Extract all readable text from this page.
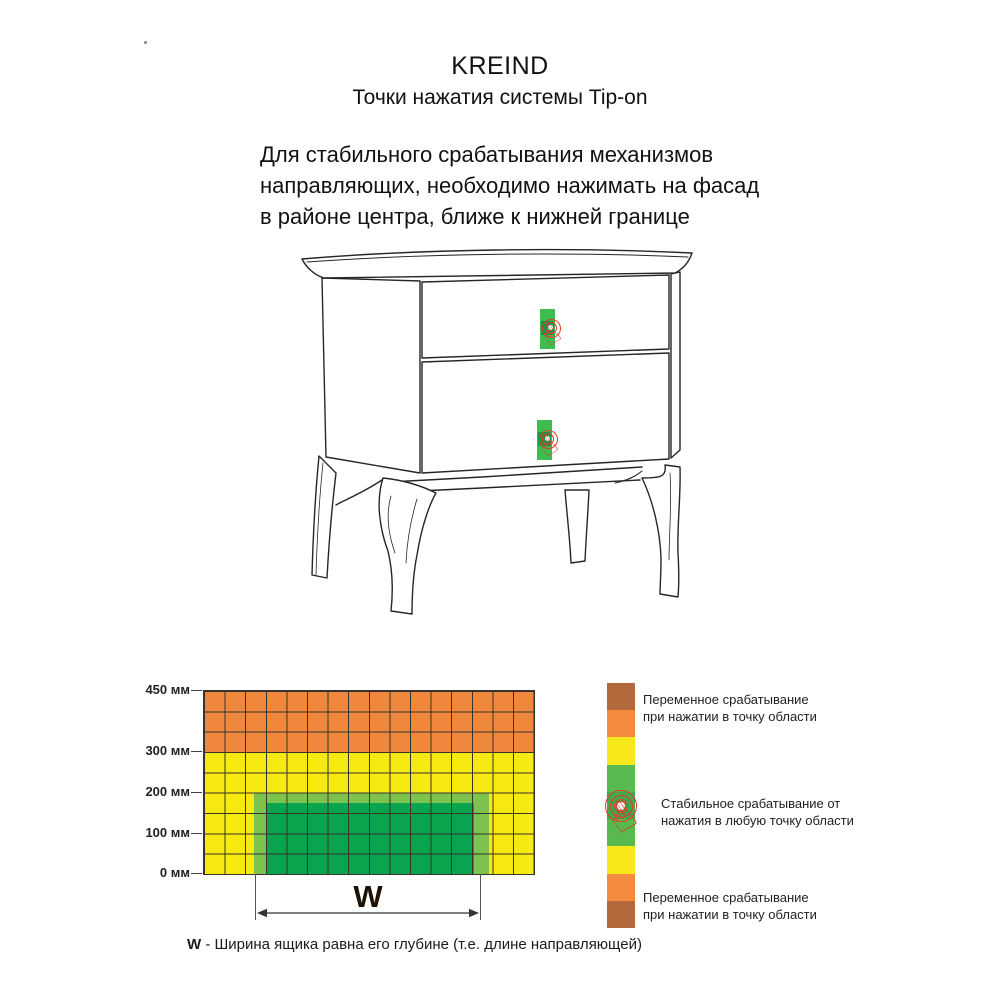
KREIND
Точки нажатия системы Tip-on
Для стабильного срабатывания механизмов
направляющих, необходимо нажимать на фасад
в районе центра, ближе к нижней границе
☝
☝
450 мм
300 мм
200 мм
100 мм
0 мм
W
W - Ширина ящика равна его глубине (т.е. длине направляющей)
☝
Переменное срабатывание
при нажатии в точку области
Стабильное срабатывание от
нажатия в любую точку области
Переменное срабатывание
при нажатии в точку области
